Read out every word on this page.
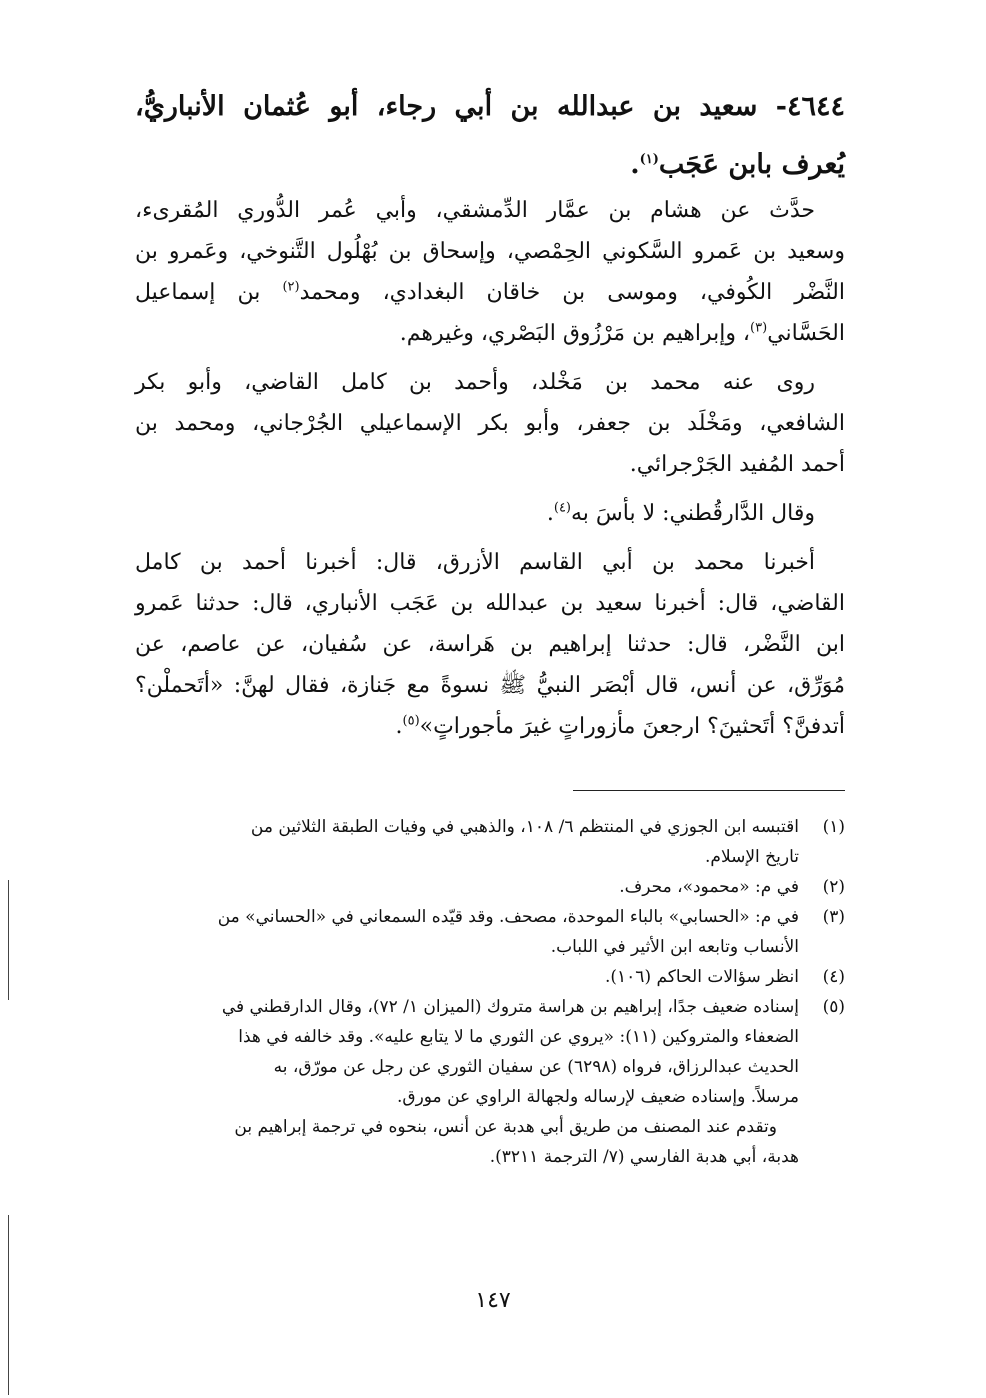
٤٦٤٤- سعيد بن عبدالله بن أبي رجاء، أبو عُثمان الأنباريُّ،
يُعرف بابن عَجَب$^{(١)}$.

حدَّث عن هشام بن عمَّار الدِّمشقي، وأبي عُمر الدُّوري المُقرىء،
وسعيد بن عَمرو السَّكوني الحِمْصي، وإسحاق بن بُهْلُول التَّنوخي، وعَمرو بن
النَّضْر الكُوفي، وموسى بن خاقان البغدادي، ومحمد$^{(٢)}$ بن إسماعيل
الحَسَّاني$^{(٣)}$، وإبراهيم بن مَرْزُوق البَصْري، وغيرهم.

روى عنه محمد بن مَخْلد، وأحمد بن كامل القاضي، وأبو بكر
الشافعي، ومَخْلَد بن جعفر، وأبو بكر الإسماعيلي الجُرْجاني، ومحمد بن
أحمد المُفيد الجَرْجرائي.

وقال الدَّارقُطني: لا بأسَ به$^{(٤)}$.

أخبرنا محمد بن أبي القاسم الأزرق، قال: أخبرنا أحمد بن كامل
القاضي، قال: أخبرنا سعيد بن عبدالله بن عَجَب الأنباري، قال: حدثنا عَمرو
ابن النَّضْر، قال: حدثنا إبراهيم بن هَراسة، عن سُفيان، عن عاصم، عن
مُوَرِّق، عن أنس، قال أبْصَر النبيُّ ﷺ نسوةً مع جَنازة، فقال لهنَّ: «أتَحملْن؟
أتدفنَّ؟ أتَحثينَ؟ ارجعنَ مأزوراتٍ غيرَ مأجوراتٍ»$^{(٥)}$.

(١)
اقتبسه ابن الجوزي في المنتظم ٦/ ١٠٨، والذهبي في وفيات الطبقة الثلاثين من
تاريخ الإسلام.
(٢)
في م: «محمود»، محرف.
(٣)
في م: «الحسابي» بالباء الموحدة، مصحف. وقد قيّده السمعاني في «الحساني» من
الأنساب وتابعه ابن الأثير في اللباب.
(٤)
انظر سؤالات الحاكم (١٠٦).
(٥)
إسناده ضعيف جدًا، إبراهيم بن هراسة متروك (الميزان ١/ ٧٢)، وقال الدارقطني في
الضعفاء والمتروكين (١١): «يروي عن الثوري ما لا يتابع عليه». وقد خالفه في هذا
الحديث عبدالرزاق، فرواه (٦٢٩٨) عن سفيان الثوري عن رجل عن مورّق، به
مرسلاً. وإسناده ضعيف لإرساله ولجهالة الراوي عن مورق.
وتقدم عند المصنف من طريق أبي هدبة عن أنس، بنحوه في ترجمة إبراهيم بن
هدبة، أبي هدبة الفارسي (٧/ الترجمة ٣٢١١).
١٤٧
